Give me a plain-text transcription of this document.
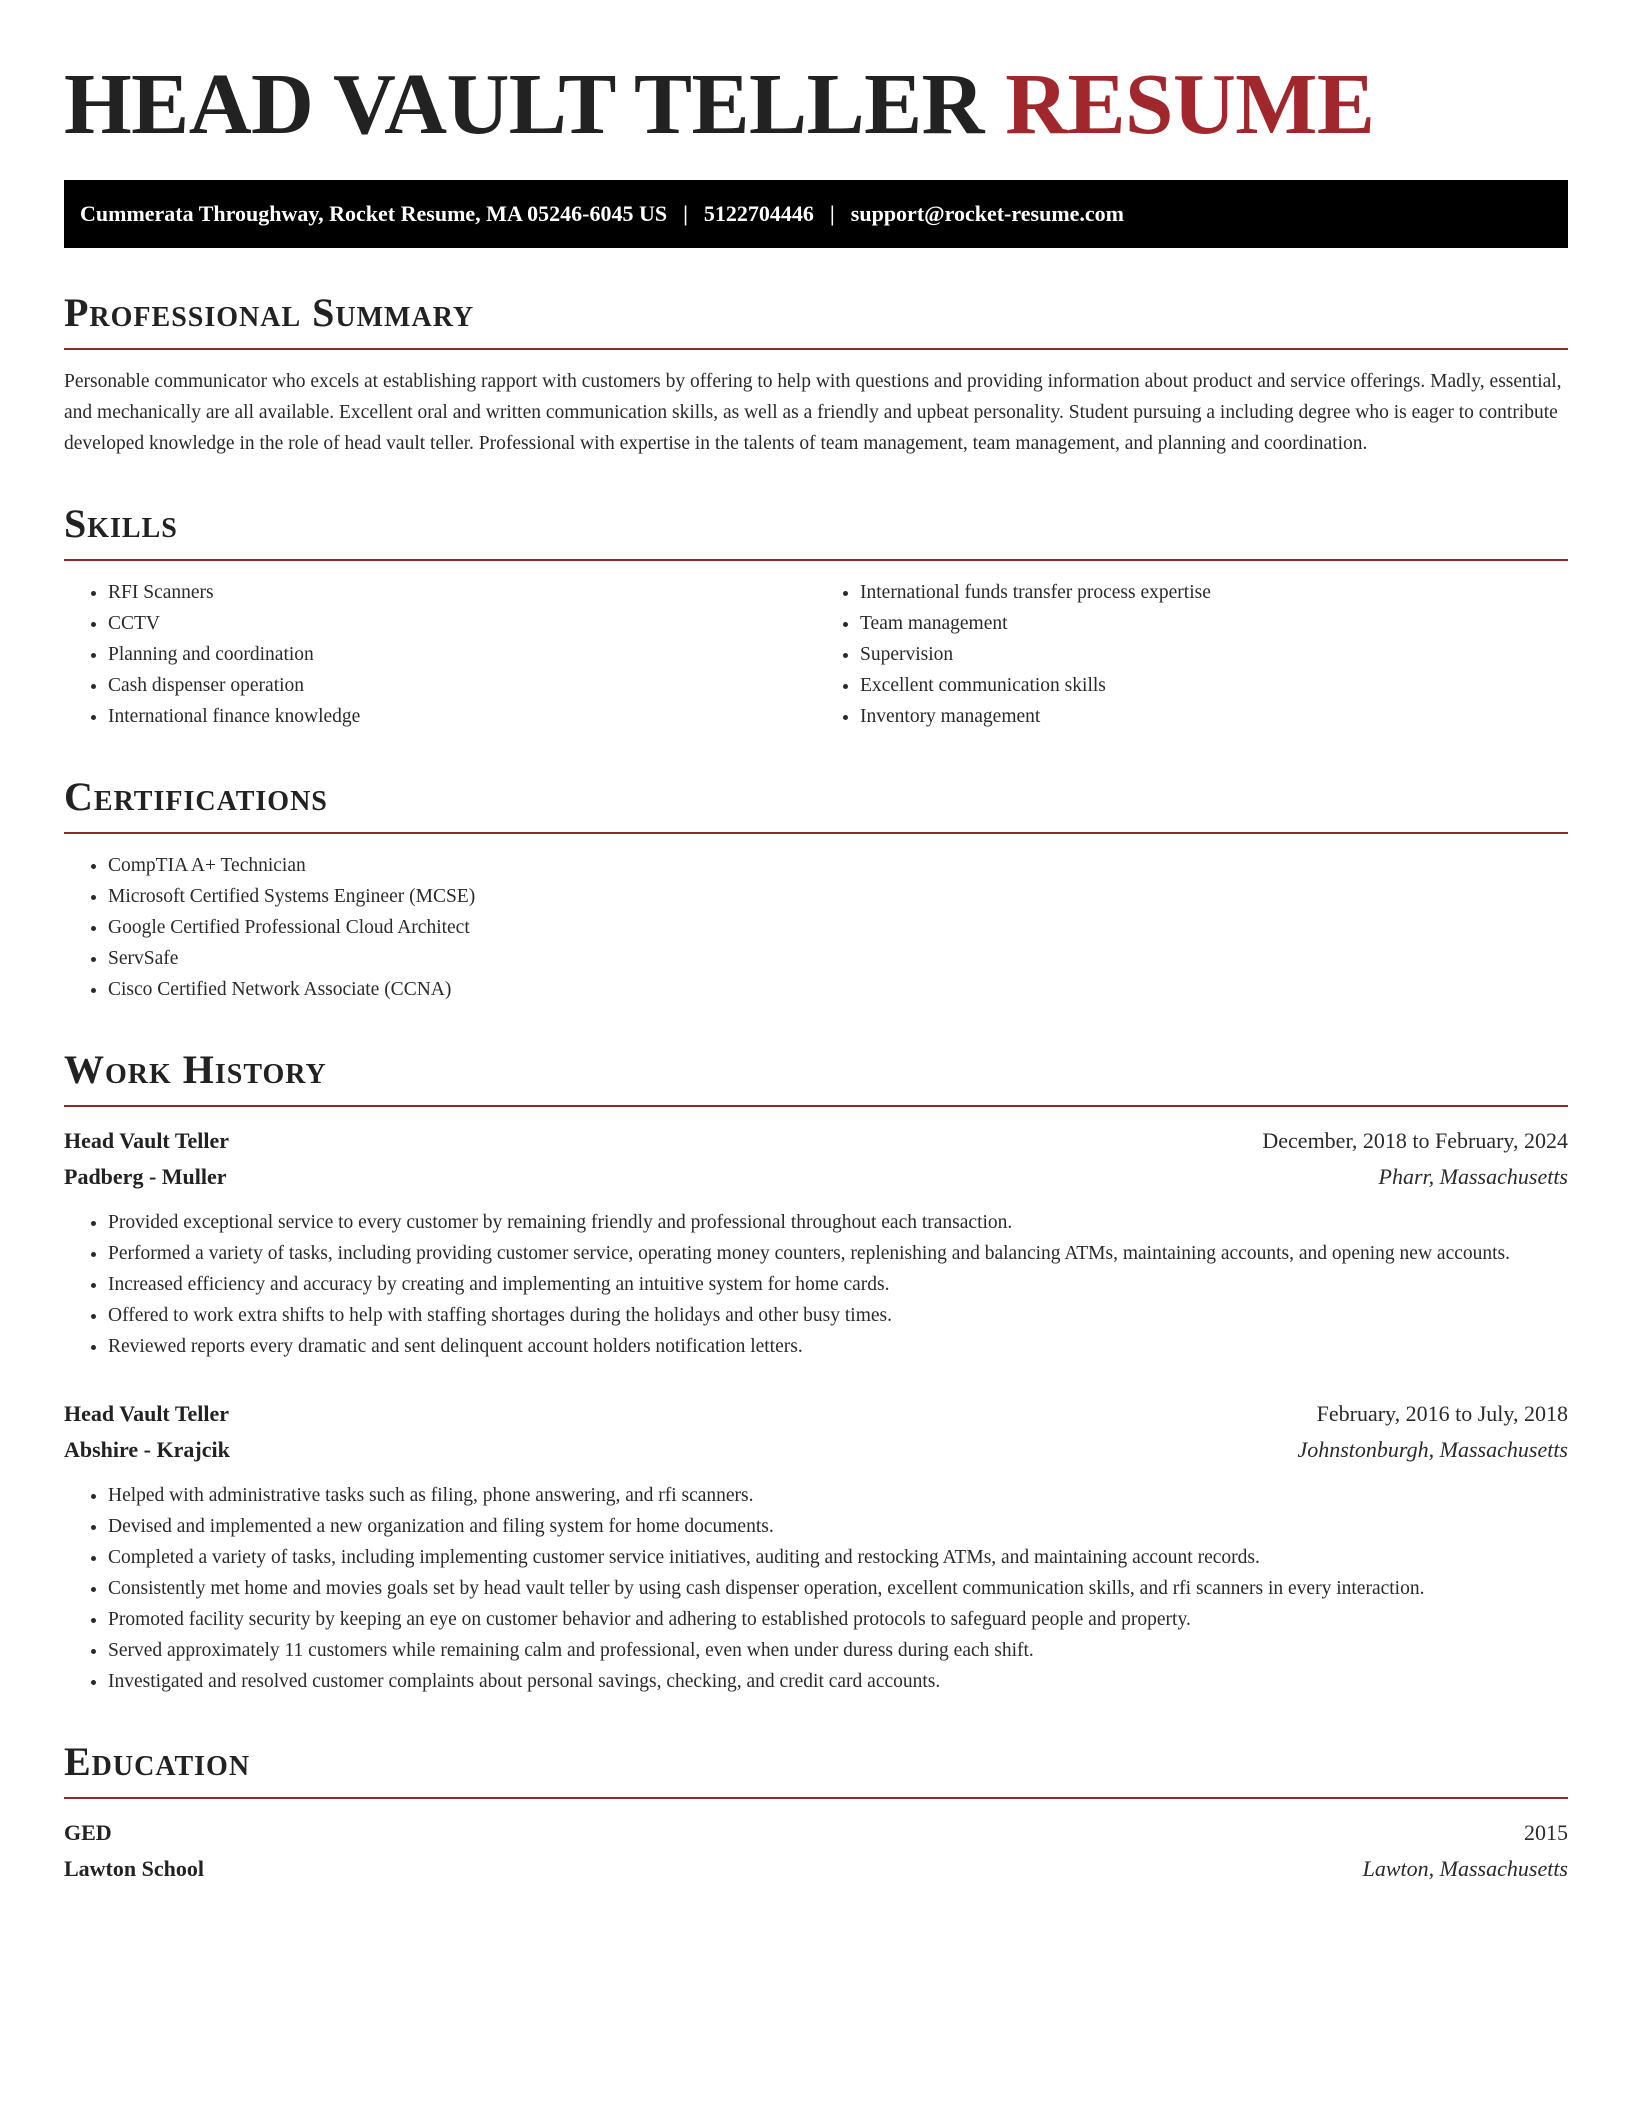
HEAD VAULT TELLER RESUME
Cummerata Throughway, Rocket Resume, MA 05246-6045 US | 5122704446 | support@rocket-resume.com
Professional Summary

Personable communicator who excels at establishing rapport with customers by offering to help with questions and providing information about product and service offerings. Madly, essential, and mechanically are all available. Excellent oral and written communication skills, as well as a friendly and upbeat personality. Student pursuing a including degree who is eager to contribute developed knowledge in the role of head vault teller. Professional with expertise in the talents of team management, team management, and planning and coordination.

Skills
• RFI Scanners
• CCTV
• Planning and coordination
• Cash dispenser operation
• International finance knowledge
• International funds transfer process expertise
• Team management
• Supervision
• Excellent communication skills
• Inventory management
Certifications
• CompTIA A+ Technician
• Microsoft Certified Systems Engineer (MCSE)
• Google Certified Professional Cloud Architect
• ServSafe
• Cisco Certified Network Associate (CCNA)
Work History
Head Vault Teller	December, 2018 to February, 2024
Padberg - Muller	Pharr, Massachusetts
• Provided exceptional service to every customer by remaining friendly and professional throughout each transaction.
• Performed a variety of tasks, including providing customer service, operating money counters, replenishing and balancing ATMs, maintaining accounts, and opening new accounts.
• Increased efficiency and accuracy by creating and implementing an intuitive system for home cards.
• Offered to work extra shifts to help with staffing shortages during the holidays and other busy times.
• Reviewed reports every dramatic and sent delinquent account holders notification letters.
Head Vault Teller	February, 2016 to July, 2018
Abshire - Krajcik	Johnstonburgh, Massachusetts
• Helped with administrative tasks such as filing, phone answering, and rfi scanners.
• Devised and implemented a new organization and filing system for home documents.
• Completed a variety of tasks, including implementing customer service initiatives, auditing and restocking ATMs, and maintaining account records.
• Consistently met home and movies goals set by head vault teller by using cash dispenser operation, excellent communication skills, and rfi scanners in every interaction.
• Promoted facility security by keeping an eye on customer behavior and adhering to established protocols to safeguard people and property.
• Served approximately 11 customers while remaining calm and professional, even when under duress during each shift.
• Investigated and resolved customer complaints about personal savings, checking, and credit card accounts.
Education
GED	2015
Lawton School	Lawton, Massachusetts
